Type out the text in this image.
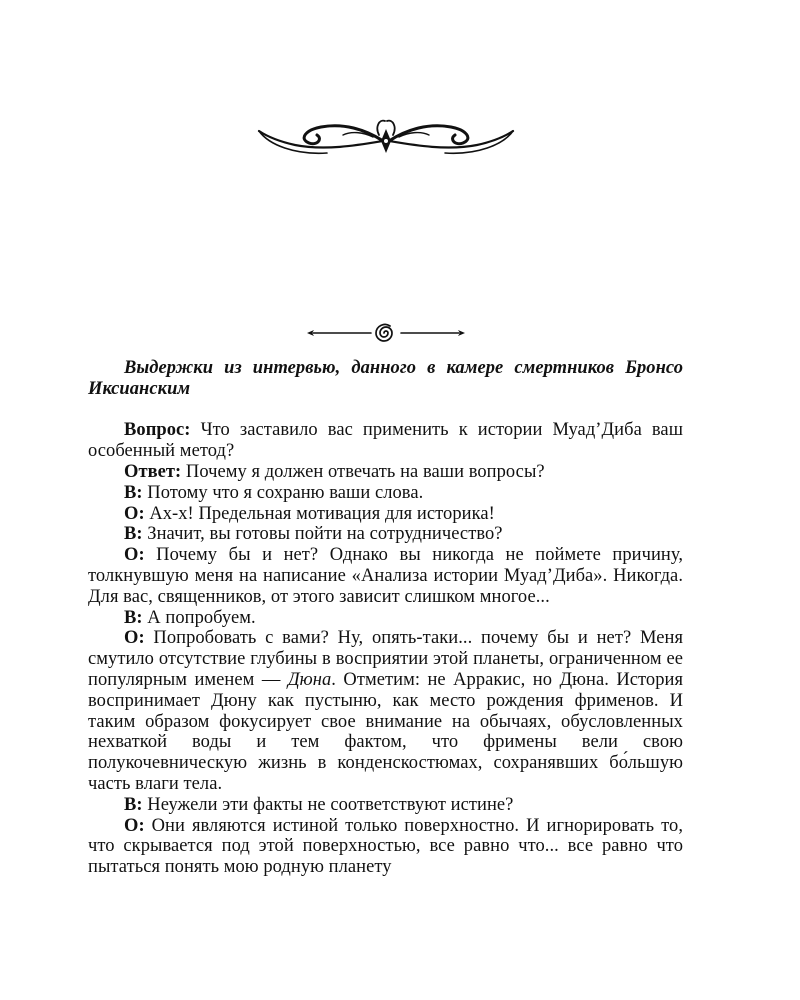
Выдержки из интервью, данного в камере смертников Бронсо Иксианским

Вопрос: Что заставило вас применить к истории Муад’Диба ваш особенный метод?

Ответ: Почему я должен отвечать на ваши вопросы?

В: Потому что я сохраню ваши слова.

О: Ах-х! Предельная мотивация для историка!

В: Значит, вы готовы пойти на сотрудничество?

О: Почему бы и нет? Однако вы никогда не поймете причину, толкнувшую меня на написание «Анализа истории Муад’Диба». Никогда. Для вас, священников, от этого зависит слишком многое...

В: А попробуем.

О: Попробовать с вами? Ну, опять-таки... почему бы и нет? Меня смутило отсутствие глубины в восприятии этой планеты, ограниченном ее популярным именем — Дюна. Отметим: не Арракис, но Дюна. История воспринимает Дюну как пустыню, как место рождения фрименов. И таким образом фокусирует свое внимание на обычаях, обусловленных нехваткой воды и тем фактом, что фримены вели свою полукочевническую жизнь в конденскостюмах, сохранявших бо́льшую часть влаги тела.

В: Неужели эти факты не соответствуют истине?

О: Они являются истиной только поверхностно. И игнорировать то, что скрывается под этой поверхностью, все равно что... все равно что пытаться понять мою родную планету
